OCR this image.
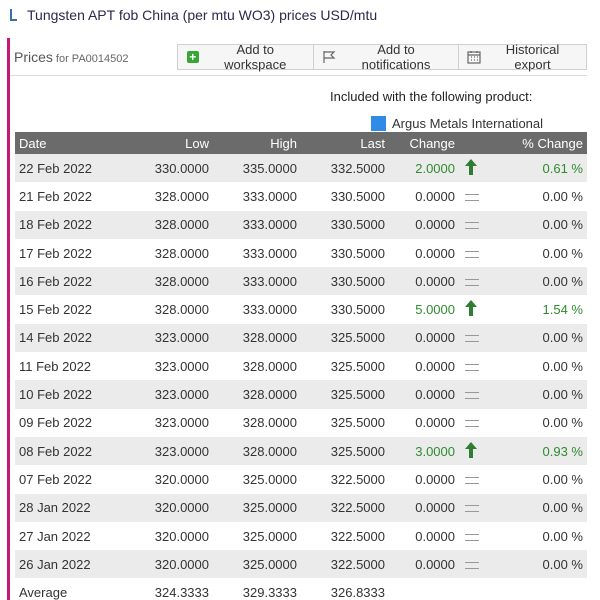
Tungsten APT fob China (per mtu WO3) prices USD/mtu
Prices for PA0014502	+	Add to workspace
Add to notifications
Historical export
Included with the following product:
Argus Metals International
Date	Low	High	Last	Change		% Change
22 Feb 2022	330.0000	335.0000	332.5000	2.0000		0.61 %
21 Feb 2022	328.0000	333.0000	330.5000	0.0000		0.00 %
18 Feb 2022	328.0000	333.0000	330.5000	0.0000		0.00 %
17 Feb 2022	328.0000	333.0000	330.5000	0.0000		0.00 %
16 Feb 2022	328.0000	333.0000	330.5000	0.0000		0.00 %
15 Feb 2022	328.0000	333.0000	330.5000	5.0000		1.54 %
14 Feb 2022	323.0000	328.0000	325.5000	0.0000		0.00 %
11 Feb 2022	323.0000	328.0000	325.5000	0.0000		0.00 %
10 Feb 2022	323.0000	328.0000	325.5000	0.0000		0.00 %
09 Feb 2022	323.0000	328.0000	325.5000	0.0000		0.00 %
08 Feb 2022	323.0000	328.0000	325.5000	3.0000		0.93 %
07 Feb 2022	320.0000	325.0000	322.5000	0.0000		0.00 %
28 Jan 2022	320.0000	325.0000	322.5000	0.0000		0.00 %
27 Jan 2022	320.0000	325.0000	322.5000	0.0000		0.00 %
26 Jan 2022	320.0000	325.0000	322.5000	0.0000		0.00 %
Average	324.3333	329.3333	326.8333			
